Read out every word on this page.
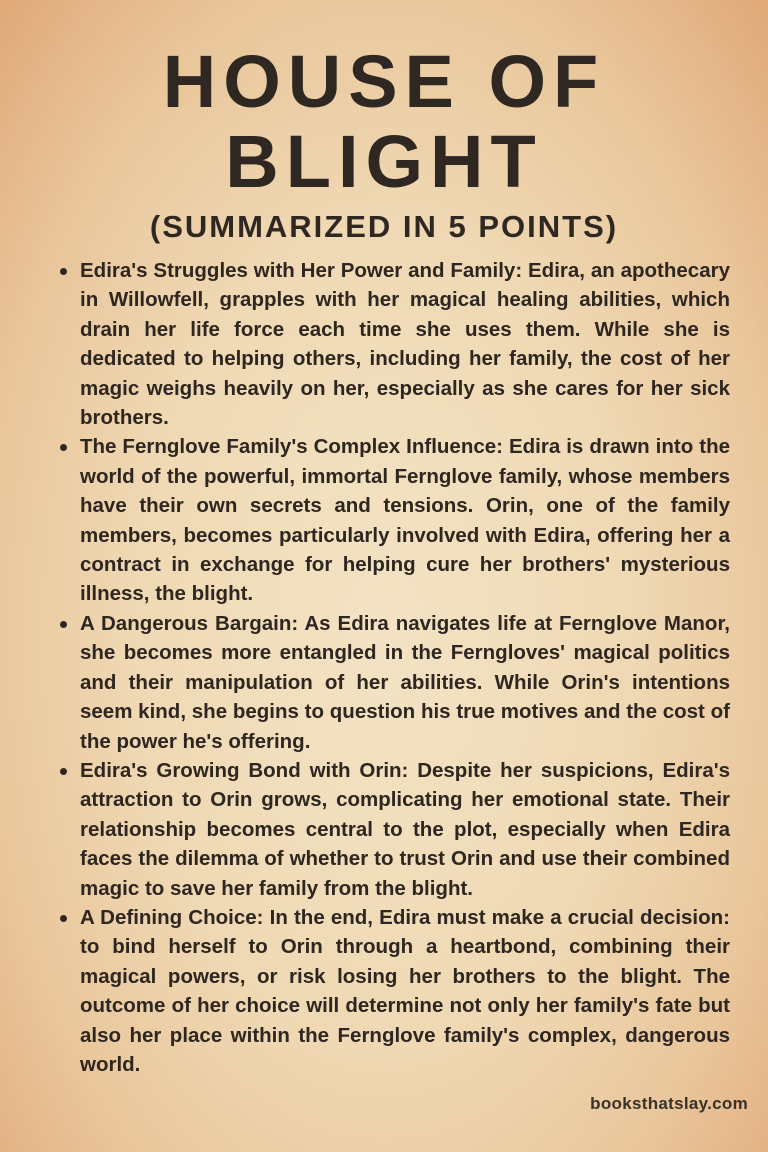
HOUSE OF BLIGHT
(SUMMARIZED IN 5 POINTS)
Edira's Struggles with Her Power and Family: Edira, an apothecary in Willowfell, grapples with her magical healing abilities, which drain her life force each time she uses them. While she is dedicated to helping others, including her family, the cost of her magic weighs heavily on her, especially as she cares for her sick brothers.
The Fernglove Family's Complex Influence: Edira is drawn into the world of the powerful, immortal Fernglove family, whose members have their own secrets and tensions. Orin, one of the family members, becomes particularly involved with Edira, offering her a contract in exchange for helping cure her brothers' mysterious illness, the blight.
A Dangerous Bargain: As Edira navigates life at Fernglove Manor, she becomes more entangled in the Ferngloves' magical politics and their manipulation of her abilities. While Orin's intentions seem kind, she begins to question his true motives and the cost of the power he's offering.
Edira's Growing Bond with Orin: Despite her suspicions, Edira's attraction to Orin grows, complicating her emotional state. Their relationship becomes central to the plot, especially when Edira faces the dilemma of whether to trust Orin and use their combined magic to save her family from the blight.
A Defining Choice: In the end, Edira must make a crucial decision: to bind herself to Orin through a heartbond, combining their magical powers, or risk losing her brothers to the blight. The outcome of her choice will determine not only her family's fate but also her place within the Fernglove family's complex, dangerous world.
booksthatslay.com
